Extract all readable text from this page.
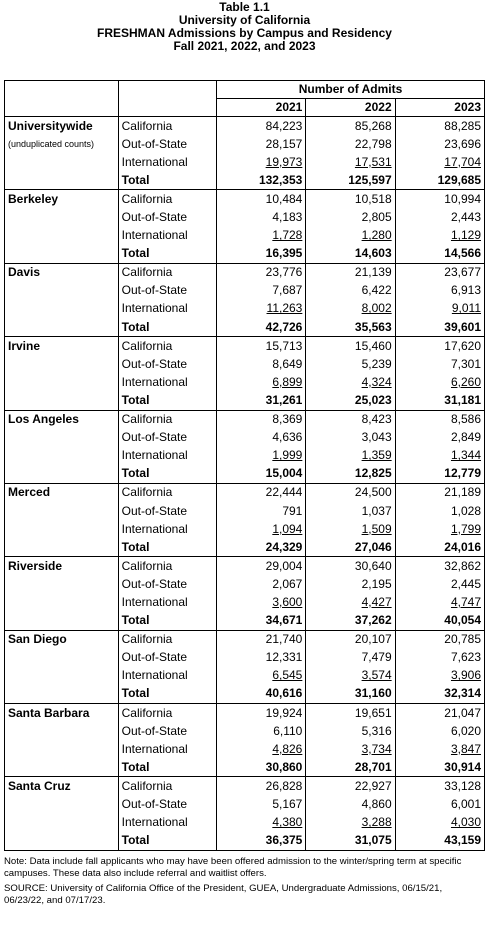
Table 1.1
University of California
FRESHMAN Admissions by Campus and Residency
Fall 2021, 2022, and 2023
		Number of Admits		
		2021	2022	2023
Universitywide	California	84,223	85,268	88,285
(unduplicated counts)	Out-of-State	28,157	22,798	23,696
	International	19,973	17,531	17,704
	Total	132,353	125,597	129,685
Berkeley	California	10,484	10,518	10,994
	Out-of-State	4,183	2,805	2,443
	International	1,728	1,280	1,129
	Total	16,395	14,603	14,566
Davis	California	23,776	21,139	23,677
	Out-of-State	7,687	6,422	6,913
	International	11,263	8,002	9,011
	Total	42,726	35,563	39,601
Irvine	California	15,713	15,460	17,620
	Out-of-State	8,649	5,239	7,301
	International	6,899	4,324	6,260
	Total	31,261	25,023	31,181
Los Angeles	California	8,369	8,423	8,586
	Out-of-State	4,636	3,043	2,849
	International	1,999	1,359	1,344
	Total	15,004	12,825	12,779
Merced	California	22,444	24,500	21,189
	Out-of-State	791	1,037	1,028
	International	1,094	1,509	1,799
	Total	24,329	27,046	24,016
Riverside	California	29,004	30,640	32,862
	Out-of-State	2,067	2,195	2,445
	International	3,600	4,427	4,747
	Total	34,671	37,262	40,054
San Diego	California	21,740	20,107	20,785
	Out-of-State	12,331	7,479	7,623
	International	6,545	3,574	3,906
	Total	40,616	31,160	32,314
Santa Barbara	California	19,924	19,651	21,047
	Out-of-State	6,110	5,316	6,020
	International	4,826	3,734	3,847
	Total	30,860	28,701	30,914
Santa Cruz	California	26,828	22,927	33,128
	Out-of-State	5,167	4,860	6,001
	International	4,380	3,288	4,030
	Total	36,375	31,075	43,159

Note: Data include fall applicants who may have been offered admission to the winter/spring term at specific campuses. These data also include referral and waitlist offers.

SOURCE: University of California Office of the President, GUEA, Undergraduate Admissions, 06/15/21, 06/23/22, and 07/17/23.
